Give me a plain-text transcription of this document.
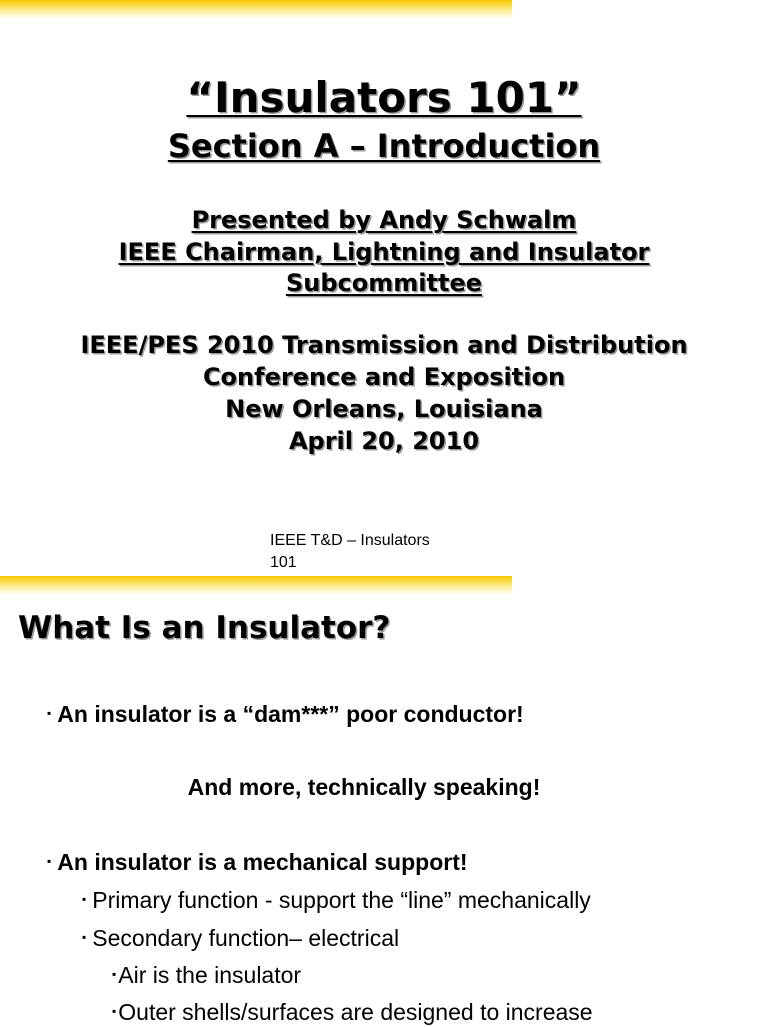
“Insulators 101”
Section A – Introduction
Presented by Andy Schwalm
IEEE Chairman, Lightning and Insulator
Subcommittee
IEEE/PES 2010 Transmission and Distribution
Conference and Exposition
New Orleans, Louisiana
April 20, 2010
IEEE T&D – Insulators
101
What Is an Insulator?
▪ An insulator is a “dam***” poor conductor!
And more, technically speaking!
▪ An insulator is a mechanical support!
▪ Primary function - support the “line” mechanically
▪ Secondary function– electrical
▪Air is the insulator
▪Outer shells/surfaces are designed to increase
